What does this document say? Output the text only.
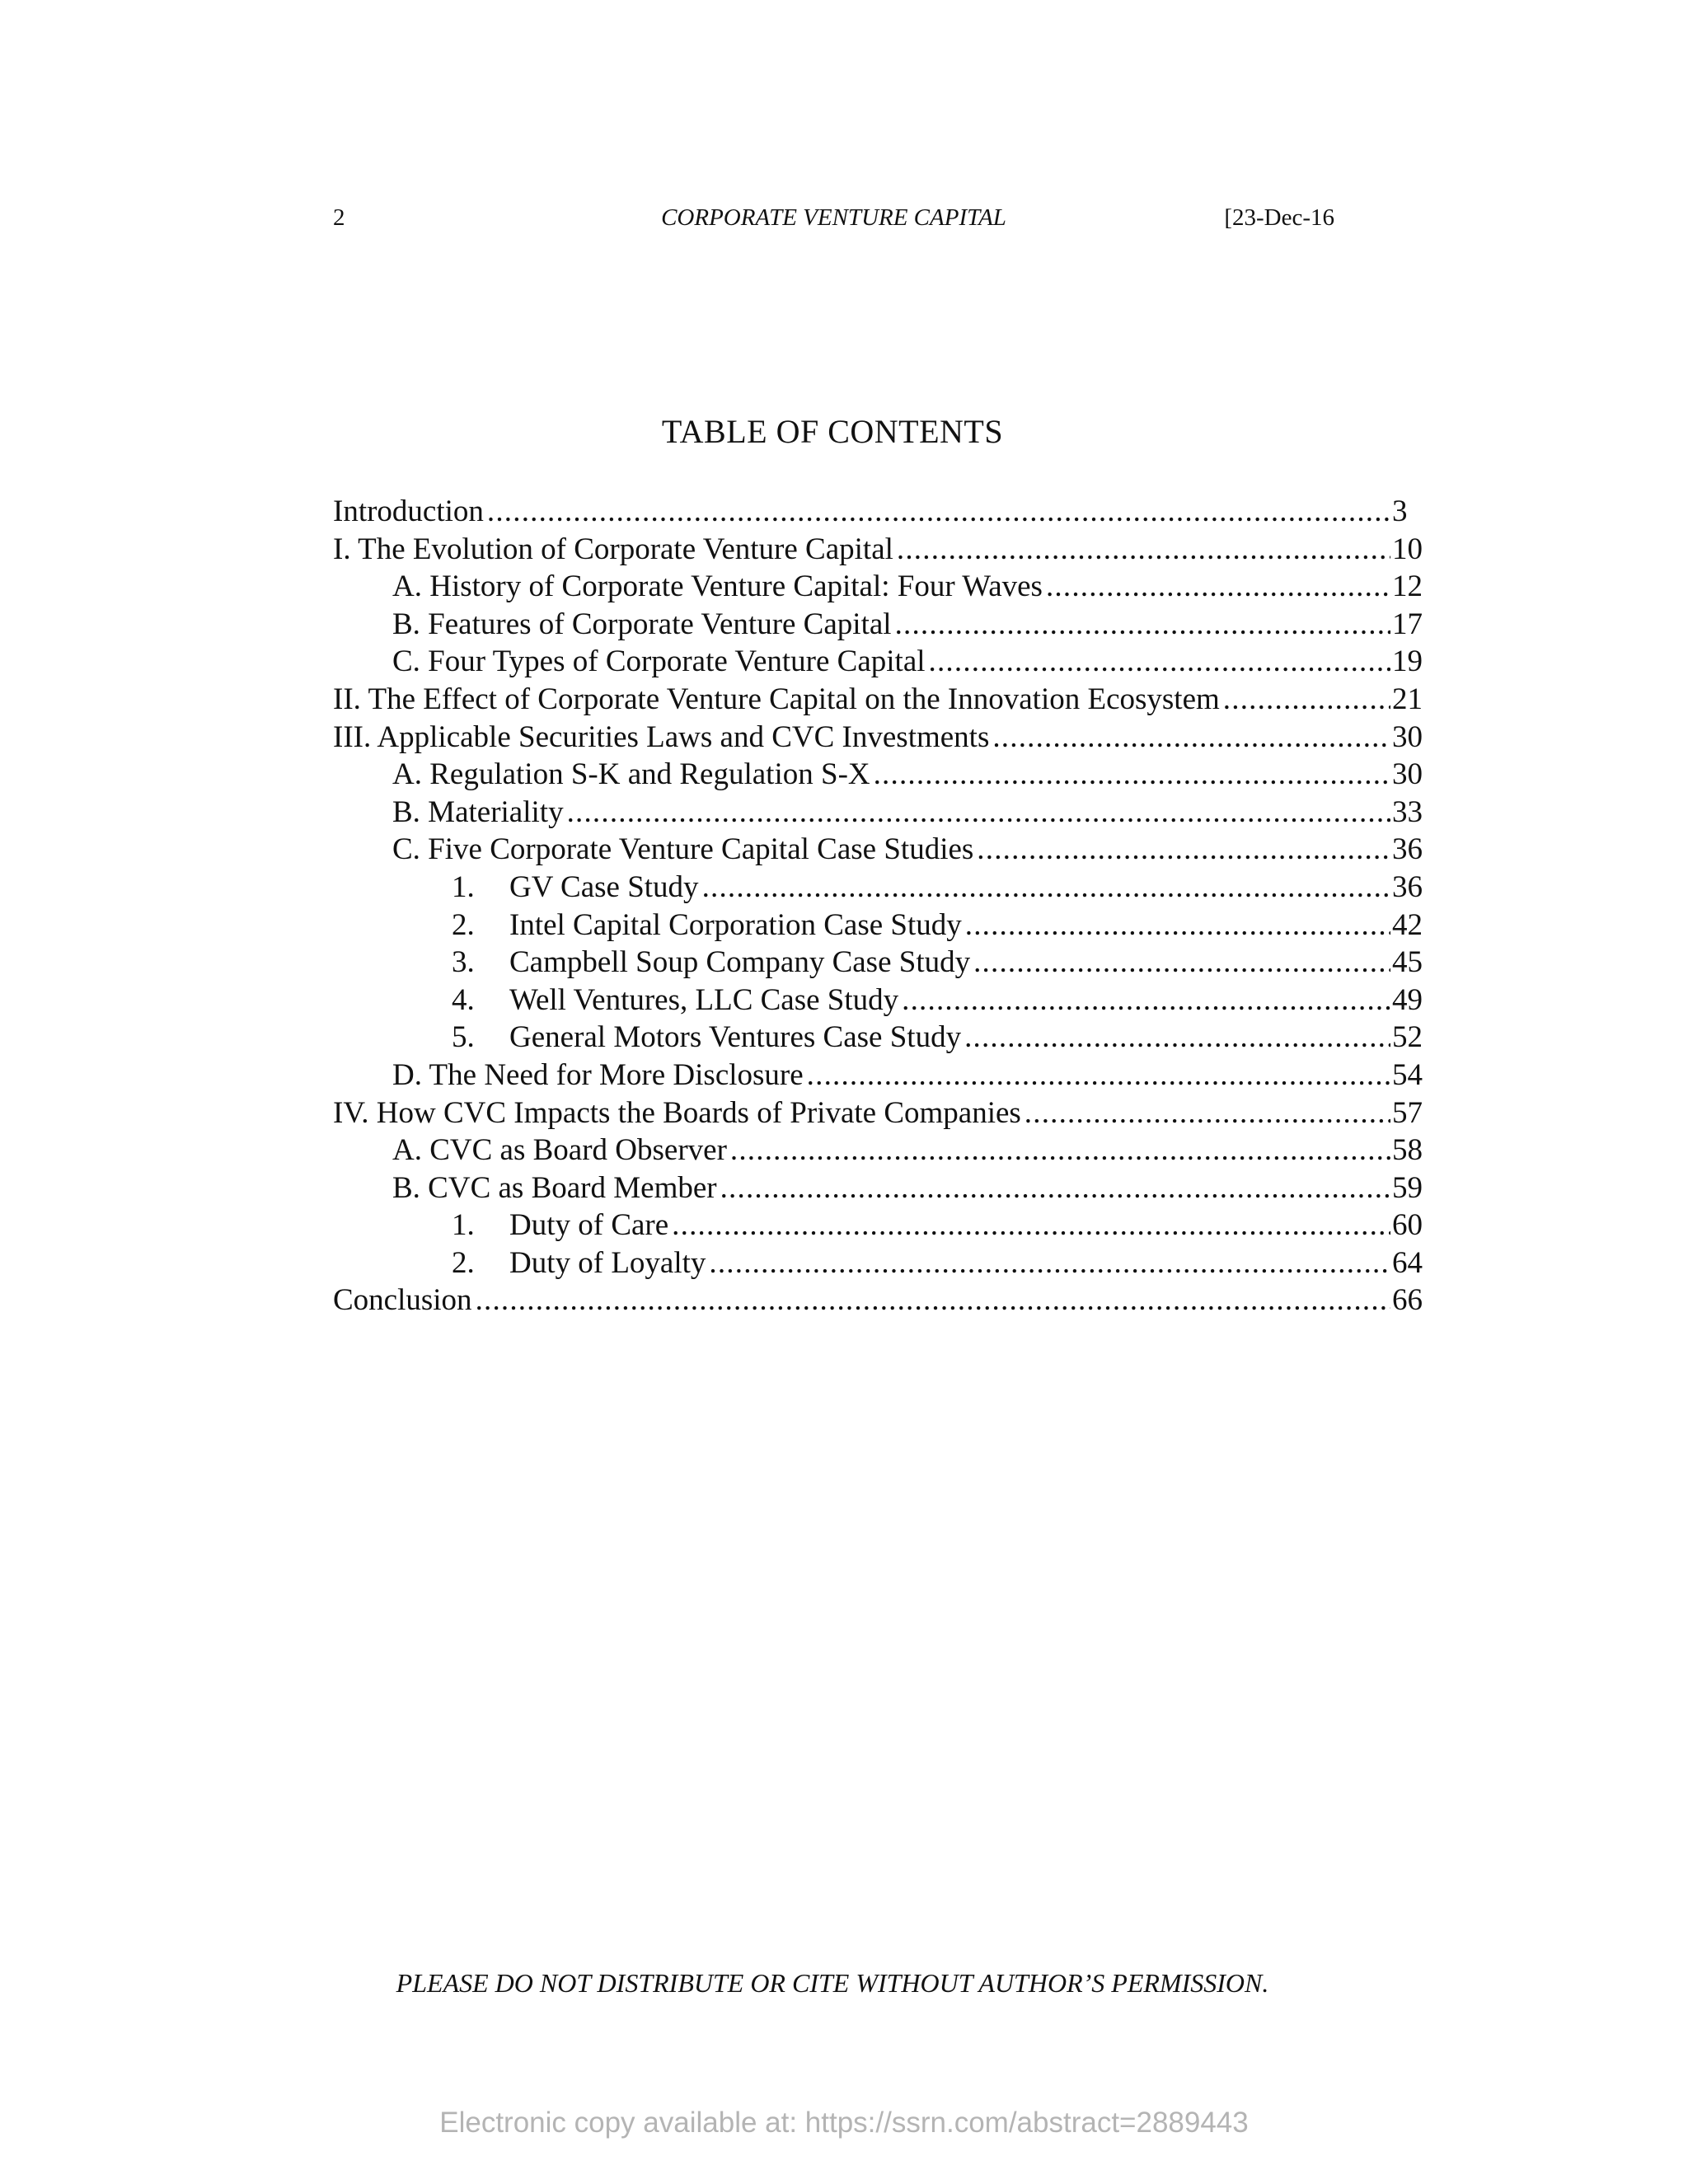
2	CORPORATE VENTURE CAPITAL	[23-Dec-16
TABLE OF CONTENTS
Introduction .....	3
I. The Evolution of Corporate Venture Capital .....	10
A. History of Corporate Venture Capital: Four Waves .....	12
B. Features of Corporate Venture Capital .....	17
C. Four Types of Corporate Venture Capital .....	19
II. The Effect of Corporate Venture Capital on the Innovation Ecosystem .....	21
III. Applicable Securities Laws and CVC Investments .....	30
A. Regulation S-K and Regulation S-X .....	30
B. Materiality .....	33
C. Five Corporate Venture Capital Case Studies .....	36
1.	GV Case Study .....	36
2.	Intel Capital Corporation Case Study .....	42
3.	Campbell Soup Company Case Study .....	45
4.	Well Ventures, LLC Case Study .....	49
5.	General Motors Ventures Case Study .....	52
D. The Need for More Disclosure .....	54
IV. How CVC Impacts the Boards of Private Companies .....	57
A. CVC as Board Observer .....	58
B. CVC as Board Member .....	59
1.	Duty of Care .....	60
2.	Duty of Loyalty .....	64
Conclusion .....	66
PLEASE DO NOT DISTRIBUTE OR CITE WITHOUT AUTHOR’S PERMISSION.
Electronic copy available at: https://ssrn.com/abstract=2889443
